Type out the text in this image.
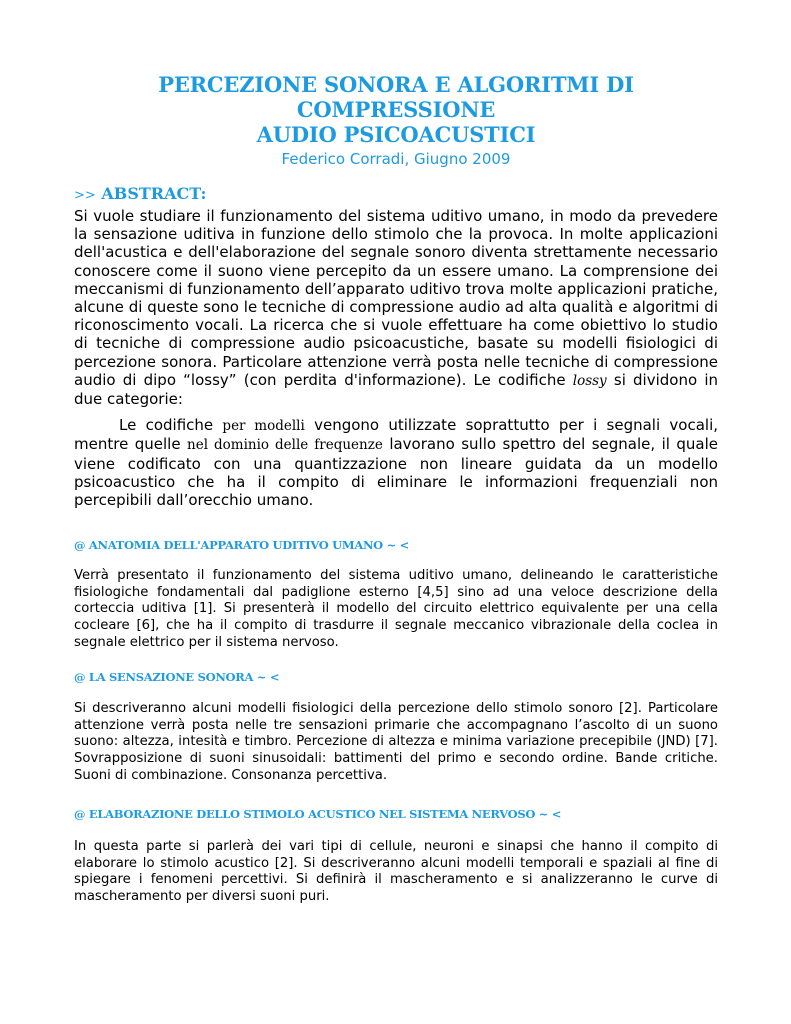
PERCEZIONE SONORA E ALGORITMI DI COMPRESSIONE
AUDIO PSICOACUSTICI

Federico Corradi, Giugno 2009

>> ABSTRACT:

Si vuole studiare il funzionamento del sistema uditivo umano, in modo da prevedere la sensazione uditiva in funzione dello stimolo che la provoca. In molte applicazioni dell'acustica e dell'elaborazione del segnale sonoro diventa strettamente necessario conoscere come il suono viene percepito da un essere umano. La comprensione dei meccanismi di funzionamento dell’apparato uditivo trova molte applicazioni pratiche, alcune di queste sono le tecniche di compressione audio ad alta qualità e algoritmi di riconoscimento vocali. La ricerca che si vuole effettuare ha come obiettivo lo studio di tecniche di compressione audio psicoacustiche, basate su modelli fisiologici di percezione sonora. Particolare attenzione verrà posta nelle tecniche di compressione audio di dipo “lossy” (con perdita d'informazione). Le codifiche lossy si dividono in due categorie:

Le codifiche per modelli vengono utilizzate soprattutto per i segnali vocali, mentre quelle nel dominio delle frequenze lavorano sullo spettro del segnale, il quale viene codificato con una quantizzazione non lineare guidata da un modello psicoacustico che ha il compito di eliminare le informazioni frequenziali non percepibili dall’orecchio umano.

@ ANATOMIA DELL'APPARATO UDITIVO UMANO ~ <

Verrà presentato il funzionamento del sistema uditivo umano, delineando le caratteristiche fisiologiche fondamentali dal padiglione esterno [4,5] sino ad una veloce descrizione della corteccia uditiva [1]. Si presenterà il modello del circuito elettrico equivalente per una cella cocleare [6], che ha il compito di trasdurre il segnale meccanico vibrazionale della coclea in segnale elettrico per il sistema nervoso.

@ LA SENSAZIONE SONORA ~ <

Si descriveranno alcuni modelli fisiologici della percezione dello stimolo sonoro [2]. Particolare attenzione verrà posta nelle tre sensazioni primarie che accompagnano l’ascolto di un suono suono: altezza, intesità e timbro. Percezione di altezza e minima variazione precepibile (JND) [7]. Sovrapposizione di suoni sinusoidali: battimenti del primo e secondo ordine. Bande critiche. Suoni di combinazione. Consonanza percettiva.

@ ELABORAZIONE DELLO STIMOLO ACUSTICO NEL SISTEMA NERVOSO ~ <

In questa parte si parlerà dei vari tipi di cellule, neuroni e sinapsi che hanno il compito di elaborare lo stimolo acustico [2]. Si descriveranno alcuni modelli temporali e spaziali al fine di spiegare i fenomeni percettivi. Si definirà il mascheramento e si analizzeranno le curve di mascheramento per diversi suoni puri.
